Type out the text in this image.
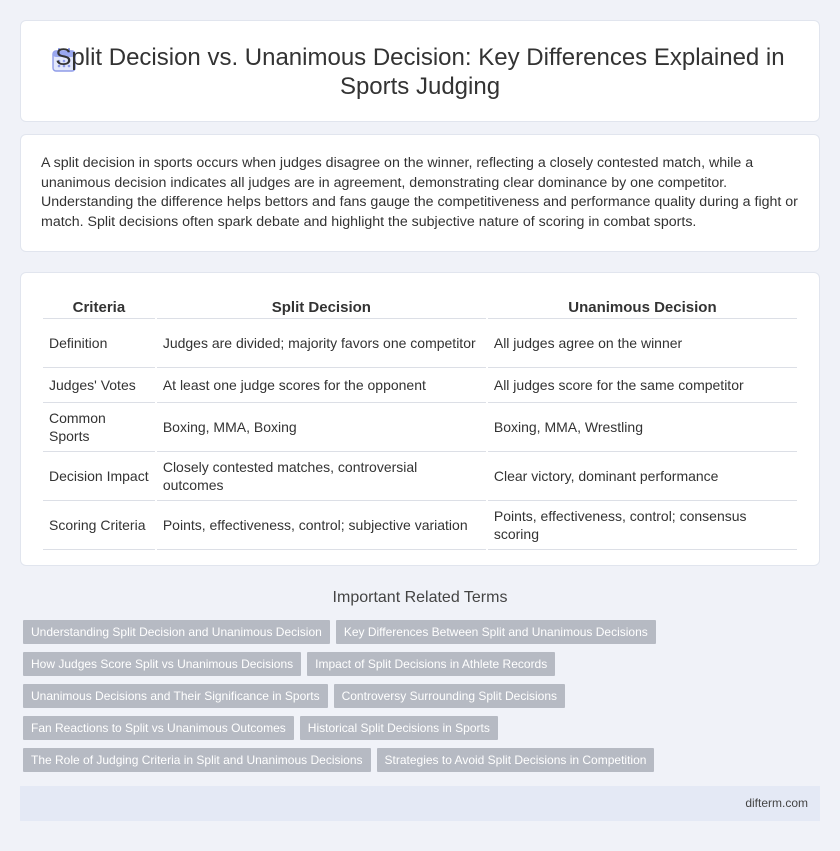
Split Decision vs. Unanimous Decision: Key Differences Explained in Sports Judging

A split decision in sports occurs when judges disagree on the winner, reflecting a closely contested match, while a unanimous decision indicates all judges are in agreement, demonstrating clear dominance by one competitor. Understanding the difference helps bettors and fans gauge the competitiveness and performance quality during a fight or match. Split decisions often spark debate and highlight the subjective nature of scoring in combat sports.

Criteria	Split Decision	Unanimous Decision
Definition	Judges are divided; majority favors one competitor	All judges agree on the winner
Judges' Votes	At least one judge scores for the opponent	All judges score for the same competitor
Common Sports	Boxing, MMA, Boxing	Boxing, MMA, Wrestling
Decision Impact	Closely contested matches, controversial outcomes	Clear victory, dominant performance
Scoring Criteria	Points, effectiveness, control; subjective variation	Points, effectiveness, control; consensus scoring
Important Related Terms
Understanding Split Decision and Unanimous Decision Key Differences Between Split and Unanimous Decisions
How Judges Score Split vs Unanimous Decisions Impact of Split Decisions in Athlete Records
Unanimous Decisions and Their Significance in Sports Controversy Surrounding Split Decisions
Fan Reactions to Split vs Unanimous Outcomes Historical Split Decisions in Sports
The Role of Judging Criteria in Split and Unanimous Decisions Strategies to Avoid Split Decisions in Competition
difterm.com
